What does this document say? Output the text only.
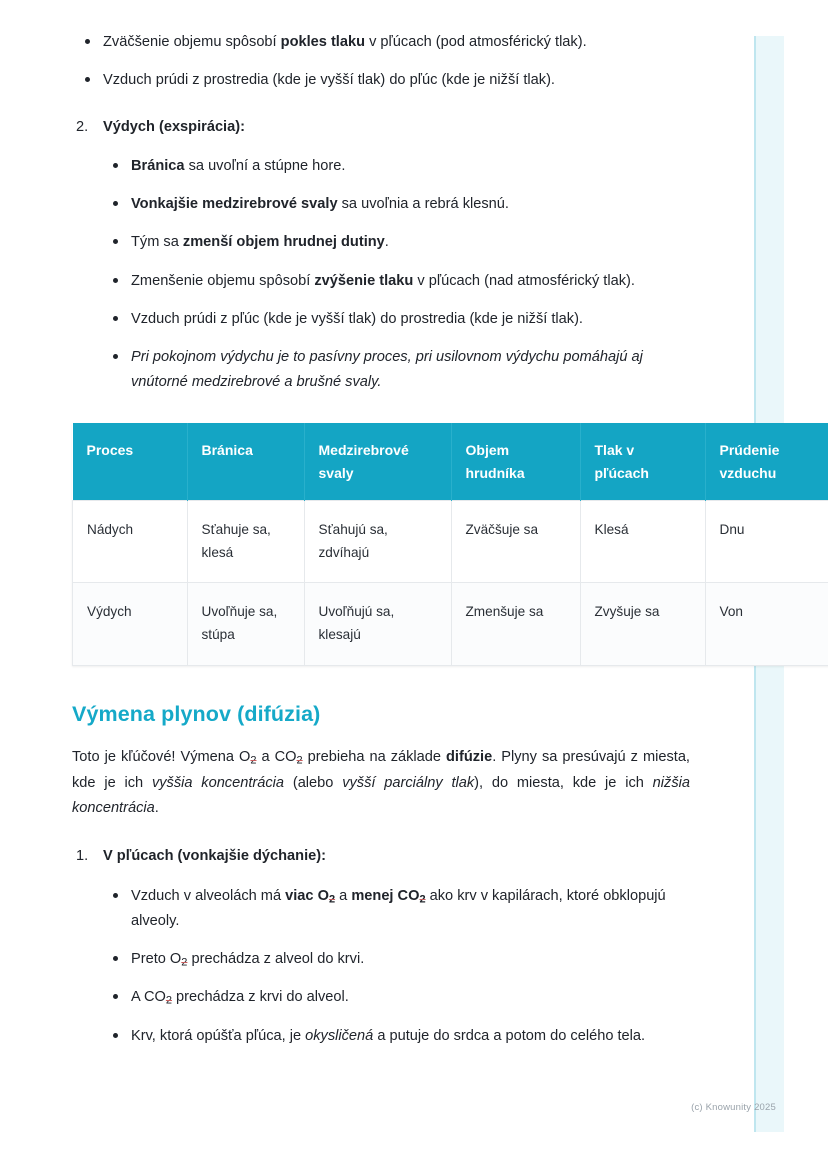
Zväčšenie objemu spôsobí pokles tlaku v pľúcach (pod atmosférický tlak).
Vzduch prúdi z prostredia (kde je vyšší tlak) do pľúc (kde je nižší tlak).
2. Výdych (exspirácia):
Bránica sa uvoľní a stúpne hore.
Vonkajšie medzirebrové svaly sa uvoľnia a rebrá klesnú.
Tým sa zmenší objem hrudnej dutiny.
Zmenšenie objemu spôsobí zvýšenie tlaku v pľúcach (nad atmosférický tlak).
Vzduch prúdi z pľúc (kde je vyšší tlak) do prostredia (kde je nižší tlak).
Pri pokojnom výdychu je to pasívny proces, pri usilovnom výdychu pomáhajú aj vnútorné medzirebrové a brušné svaly.
Proces	Bránica	Medzirebrové svaly	Objem hrudníka	Tlak v pľúcach	Prúdenie vzduchu
Nádych	Sťahuje sa, klesá	Sťahujú sa, zdvíhajú	Zväčšuje sa	Klesá	Dnu
Výdych	Uvoľňuje sa, stúpa	Uvoľňujú sa, klesajú	Zmenšuje sa	Zvyšuje sa	Von
Výmena plynov (difúzia)

Toto je kľúčové! Výmena O2 a CO2 prebieha na základe difúzie. Plyny sa presúvajú z miesta, kde je ich vyššia koncentrácia (alebo vyšší parciálny tlak), do miesta, kde je ich nižšia koncentrácia.

1. V pľúcach (vonkajšie dýchanie):
Vzduch v alveolách má viac O2 a menej CO2 ako krv v kapilárach, ktoré obklopujú alveoly.
Preto O2 prechádza z alveol do krvi.
A CO2 prechádza z krvi do alveol.
Krv, ktorá opúšťa pľúca, je okysličená a putuje do srdca a potom do celého tela.
(c) Knowunity 2025
